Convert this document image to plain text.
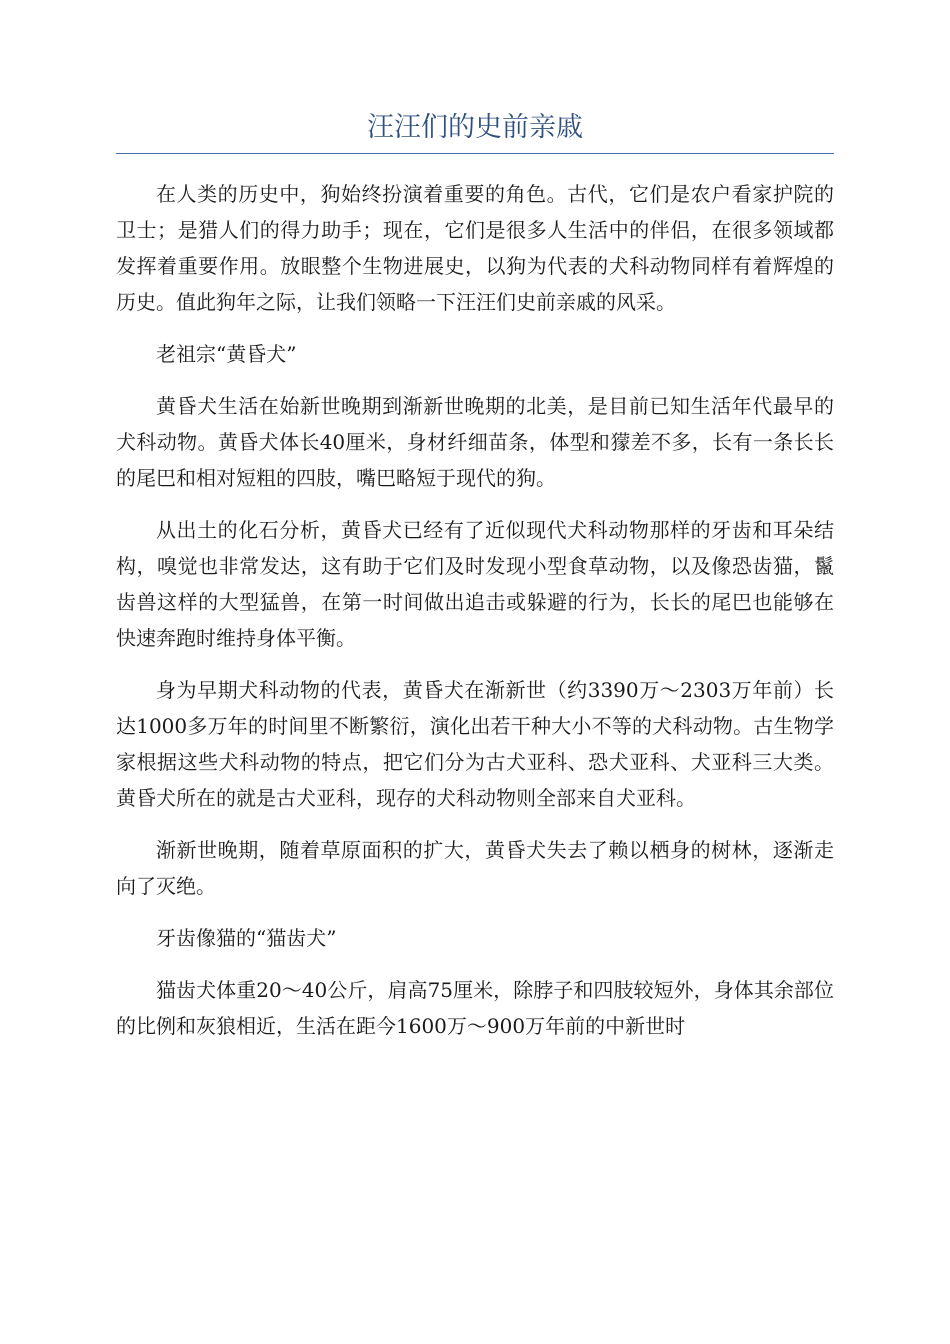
汪汪们的史前亲戚

在人类的历史中，狗始终扮演着重要的角色。古代，它们是农户看家护院的卫士；是猎人们的得力助手；现在，它们是很多人生活中的伴侣，在很多领域都发挥着重要作用。放眼整个生物进展史，以狗为代表的犬科动物同样有着辉煌的历史。值此狗年之际，让我们领略一下汪汪们史前亲戚的风采。

老祖宗“黄昏犬”

黄昏犬生活在始新世晚期到渐新世晚期的北美，是目前已知生活年代最早的犬科动物。黄昏犬体长40厘米，身材纤细苗条，体型和獴差不多，长有一条长长的尾巴和相对短粗的四肢，嘴巴略短于现代的狗。

从出土的化石分析，黄昏犬已经有了近似现代犬科动物那样的牙齿和耳朵结构，嗅觉也非常发达，这有助于它们及时发现小型食草动物，以及像恐齿猫，鬣齿兽这样的大型猛兽，在第一时间做出追击或躲避的行为，长长的尾巴也能够在快速奔跑时维持身体平衡。

身为早期犬科动物的代表，黄昏犬在渐新世（约3390万～2303万年前）长达1000多万年的时间里不断繁衍，演化出若干种大小不等的犬科动物。古生物学家根据这些犬科动物的特点，把它们分为古犬亚科、恐犬亚科、犬亚科三大类。黄昏犬所在的就是古犬亚科，现存的犬科动物则全部来自犬亚科。

渐新世晚期，随着草原面积的扩大，黄昏犬失去了赖以栖身的树林，逐渐走向了灭绝。

牙齿像猫的“猫齿犬”

猫齿犬体重20～40公斤，肩高75厘米，除脖子和四肢较短外，身体其余部位的比例和灰狼相近，生活在距今1600万～900万年前的中新世时
